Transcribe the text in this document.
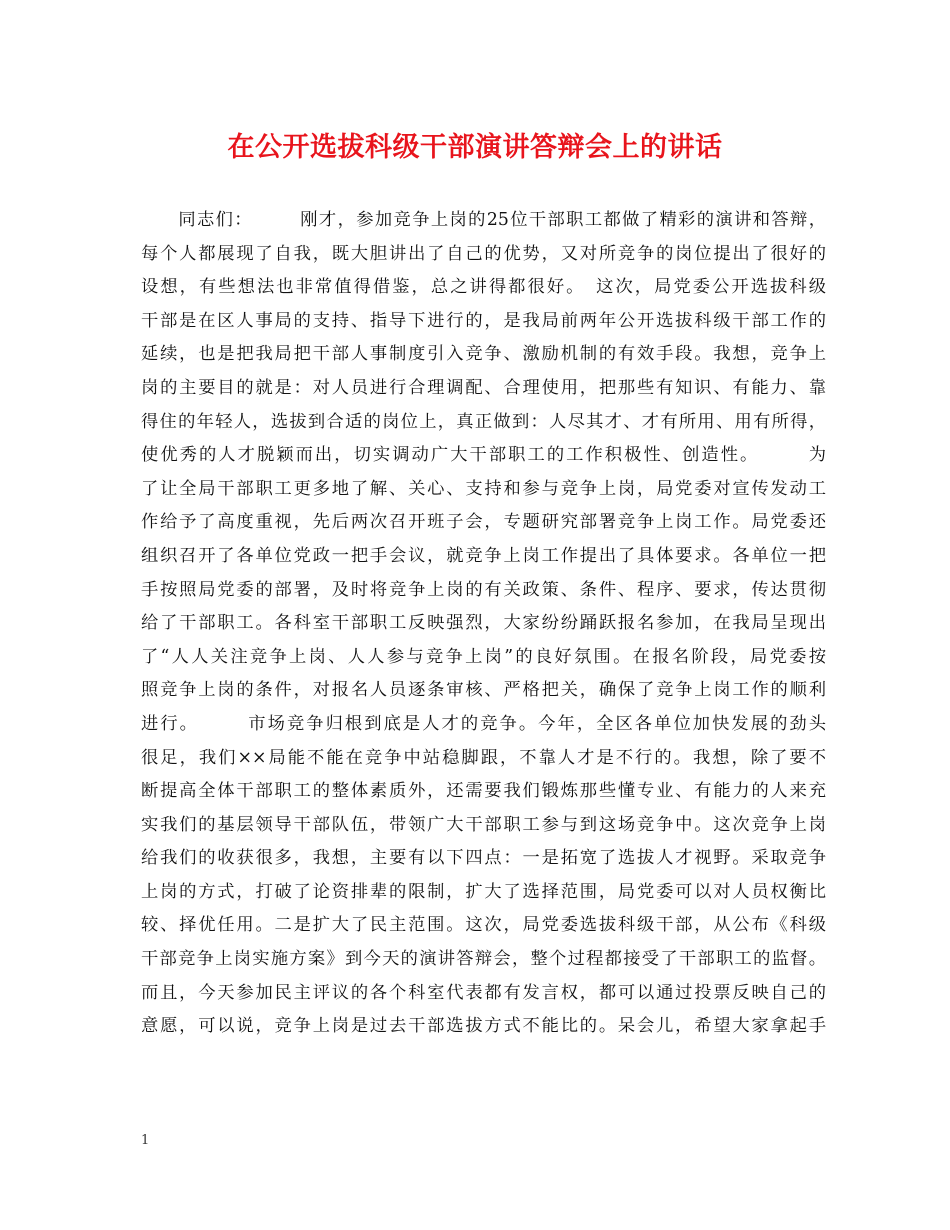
在公开选拔科级干部演讲答辩会上的讲话
　　同志们：　　　刚才，参加竞争上岗的25位干部职工都做了精彩的演讲和答辩，
每个人都展现了自我，既大胆讲出了自己的优势，又对所竞争的岗位提出了很好的
设想，有些想法也非常值得借鉴，总之讲得都很好。　这次，局党委公开选拔科级
干部是在区人事局的支持、指导下进行的，是我局前两年公开选拔科级干部工作的
延续，也是把我局把干部人事制度引入竞争、激励机制的有效手段。我想，竞争上
岗的主要目的就是：对人员进行合理调配、合理使用，把那些有知识、有能力、靠
得住的年轻人，选拔到合适的岗位上，真正做到：人尽其才、才有所用、用有所得，
使优秀的人才脱颖而出，切实调动广大干部职工的工作积极性、创造性。　　　为
了让全局干部职工更多地了解、关心、支持和参与竞争上岗，局党委对宣传发动工
作给予了高度重视，先后两次召开班子会，专题研究部署竞争上岗工作。局党委还
组织召开了各单位党政一把手会议，就竞争上岗工作提出了具体要求。各单位一把
手按照局党委的部署，及时将竞争上岗的有关政策、条件、程序、要求，传达贯彻
给了干部职工。各科室干部职工反映强烈，大家纷纷踊跃报名参加，在我局呈现出
了“人人关注竞争上岗、人人参与竞争上岗”的良好氛围。在报名阶段，局党委按
照竞争上岗的条件，对报名人员逐条审核、严格把关，确保了竞争上岗工作的顺利
进行。　　　市场竞争归根到底是人才的竞争。今年，全区各单位加快发展的劲头
很足，我们××局能不能在竞争中站稳脚跟，不靠人才是不行的。我想，除了要不
断提高全体干部职工的整体素质外，还需要我们锻炼那些懂专业、有能力的人来充
实我们的基层领导干部队伍，带领广大干部职工参与到这场竞争中。这次竞争上岗
给我们的收获很多，我想，主要有以下四点：一是拓宽了选拔人才视野。采取竞争
上岗的方式，打破了论资排辈的限制，扩大了选择范围，局党委可以对人员权衡比
较、择优任用。二是扩大了民主范围。这次，局党委选拔科级干部，从公布《科级
干部竞争上岗实施方案》到今天的演讲答辩会，整个过程都接受了干部职工的监督。
而且，今天参加民主评议的各个科室代表都有发言权，都可以通过投票反映自己的
意愿，可以说，竞争上岗是过去干部选拔方式不能比的。呆会儿，希望大家拿起手
1
